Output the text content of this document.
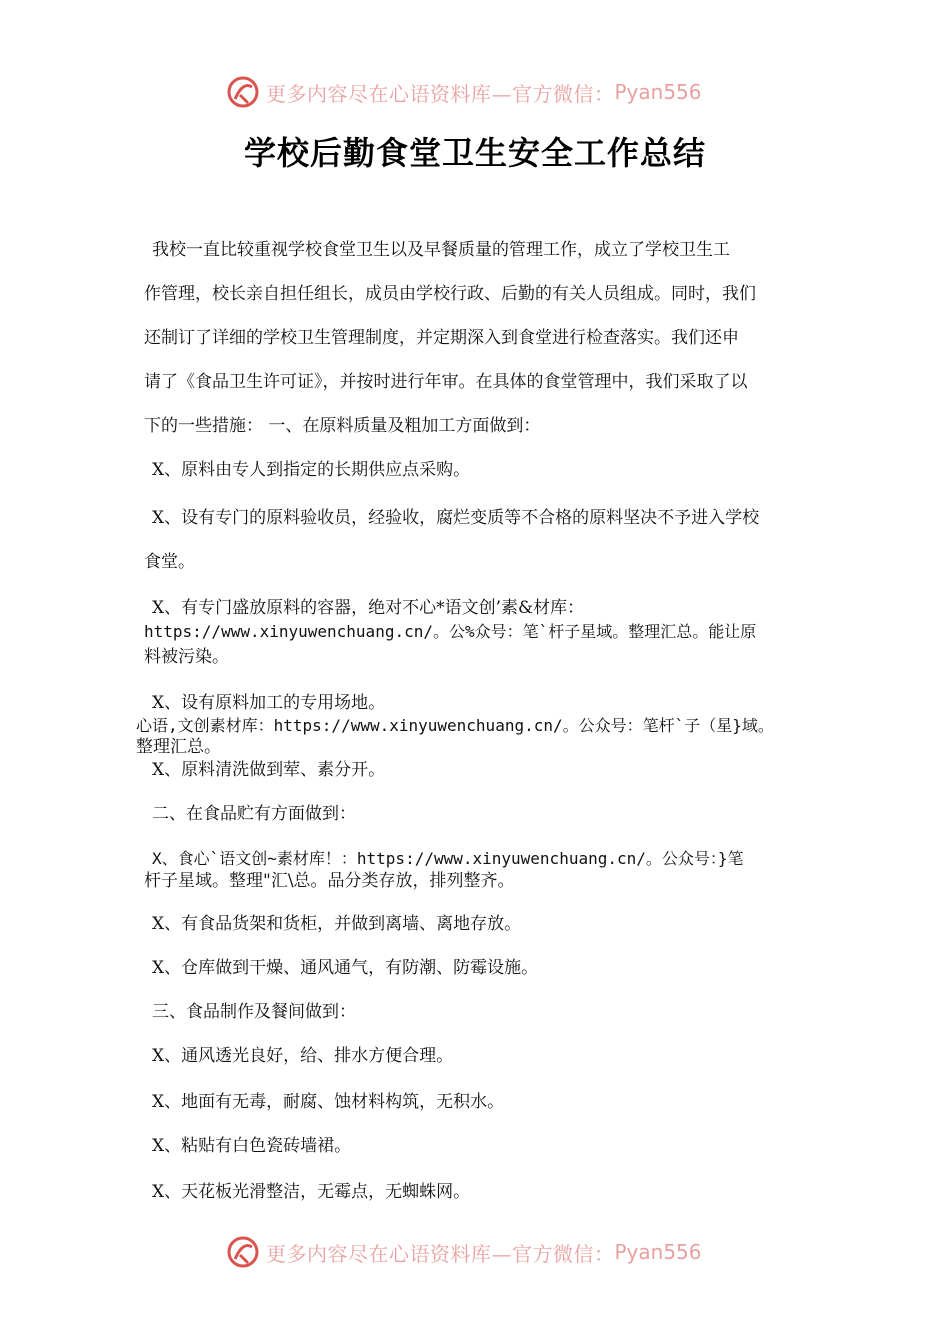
更多内容尽在心语资料库—官方微信： Pyan556
学校后勤食堂卫生安全工作总结
我校一直比较重视学校食堂卫生以及早餐质量的管理工作，成立了学校卫生工
作管理，校长亲自担任组长，成员由学校行政、后勤的有关人员组成。同时，我们
还制订了详细的学校卫生管理制度，并定期深入到食堂进行检查落实。我们还申
请了《食品卫生许可证》，并按时进行年审。在具体的食堂管理中，我们采取了以
下的一些措施： 一、在原料质量及粗加工方面做到：
X、原料由专人到指定的长期供应点采购。
X、设有专门的原料验收员，经验收，腐烂变质等不合格的原料坚决不予进入学校
食堂。
X、有专门盛放原料的容器，绝对不心*语文创’素&材库：
https://www.xinyuwenchuang.cn/。公%众号：笔`杆子星域。整理汇总。能让原
料被污染。
X、设有原料加工的专用场地。
心语,文创素材库：https://www.xinyuwenchuang.cn/。公众号：笔杆`子（星}域。
整理汇总。
X、原料清洗做到荤、素分开。
二、在食品贮有方面做到：
X、食心`语文创~素材库！：https://www.xinyuwenchuang.cn/。公众号：}笔
杆子星域。整理"汇\总。品分类存放，排列整齐。
X、有食品货架和货柜，并做到离墙、离地存放。
X、仓库做到干燥、通风通气，有防潮、防霉设施。
三、食品制作及餐间做到：
X、通风透光良好，给、排水方便合理。
X、地面有无毒，耐腐、蚀材料构筑，无积水。
X、粘贴有白色瓷砖墙裙。
X、天花板光滑整洁，无霉点，无蜘蛛网。
更多内容尽在心语资料库—官方微信： Pyan556
